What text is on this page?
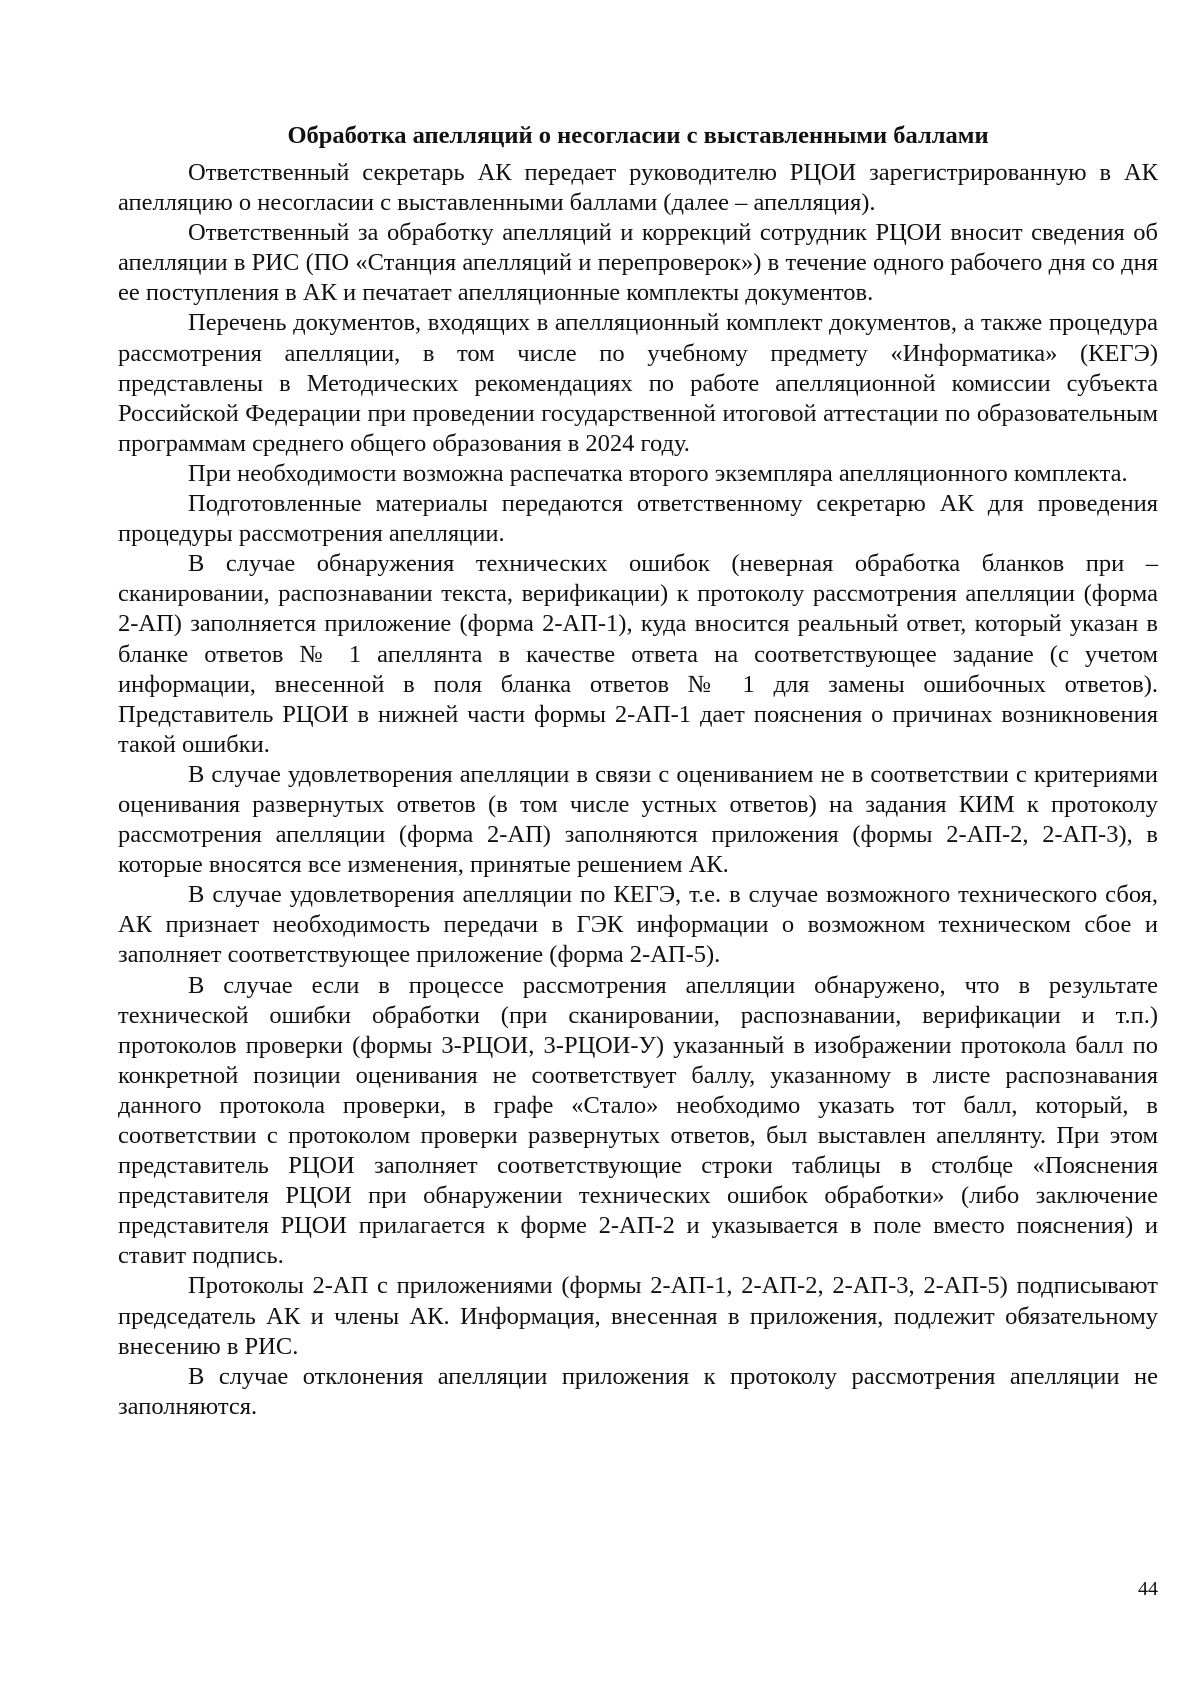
Обработка апелляций о несогласии с выставленными баллами

Ответственный секретарь АК передает руководителю РЦОИ зарегистрированную в АК апелляцию о несогласии с выставленными баллами (далее – апелляция).

Ответственный за обработку апелляций и коррекций сотрудник РЦОИ вносит сведения об апелляции в РИС (ПО «Станция апелляций и перепроверок») в течение одного рабочего дня со дня ее поступления в АК и печатает апелляционные комплекты документов.

Перечень документов, входящих в апелляционный комплект документов, а также процедура рассмотрения апелляции, в том числе по учебному предмету «Информатика» (КЕГЭ) представлены в Методических рекомендациях по работе апелляционной комиссии субъекта Российской Федерации при проведении государственной итоговой аттестации по образовательным программам среднего общего образования в 2024 году.

При необходимости возможна распечатка второго экземпляра апелляционного комплекта.

Подготовленные материалы передаются ответственному секретарю АК для проведения процедуры рассмотрения апелляции.

В случае обнаружения технических ошибок (неверная обработка бланков при – сканировании, распознавании текста, верификации) к протоколу рассмотрения апелляции (форма 2-АП) заполняется приложение (форма 2-АП-1), куда вносится реальный ответ, который указан в бланке ответов № 1 апеллянта в качестве ответа на соответствующее задание (с учетом информации, внесенной в поля бланка ответов № 1 для замены ошибочных ответов). Представитель РЦОИ в нижней части формы 2-АП-1 дает пояснения о причинах возникновения такой ошибки.

В случае удовлетворения апелляции в связи с оцениванием не в соответствии с критериями оценивания развернутых ответов (в том числе устных ответов) на задания КИМ к протоколу рассмотрения апелляции (форма 2-АП) заполняются приложения (формы 2-АП-2, 2-АП-3), в которые вносятся все изменения, принятые решением АК.

В случае удовлетворения апелляции по КЕГЭ, т.е. в случае возможного технического сбоя, АК признает необходимость передачи в ГЭК информации о возможном техническом сбое и заполняет соответствующее приложение (форма 2-АП-5).

В случае если в процессе рассмотрения апелляции обнаружено, что в результате технической ошибки обработки (при сканировании, распознавании, верификации и т.п.) протоколов проверки (формы 3-РЦОИ, 3-РЦОИ-У) указанный в изображении протокола балл по конкретной позиции оценивания не соответствует баллу, указанному в листе распознавания данного протокола проверки, в графе «Стало» необходимо указать тот балл, который, в соответствии с протоколом проверки развернутых ответов, был выставлен апеллянту. При этом представитель РЦОИ заполняет соответствующие строки таблицы в столбце «Пояснения представителя РЦОИ при обнаружении технических ошибок обработки» (либо заключение представителя РЦОИ прилагается к форме 2-АП-2 и указывается в поле вместо пояснения) и ставит подпись.

Протоколы 2-АП с приложениями (формы 2-АП-1, 2-АП-2, 2-АП-3, 2-АП-5) подписывают председатель АК и члены АК. Информация, внесенная в приложения, подлежит обязательному внесению в РИС.

В случае отклонения апелляции приложения к протоколу рассмотрения апелляции не заполняются.

44
